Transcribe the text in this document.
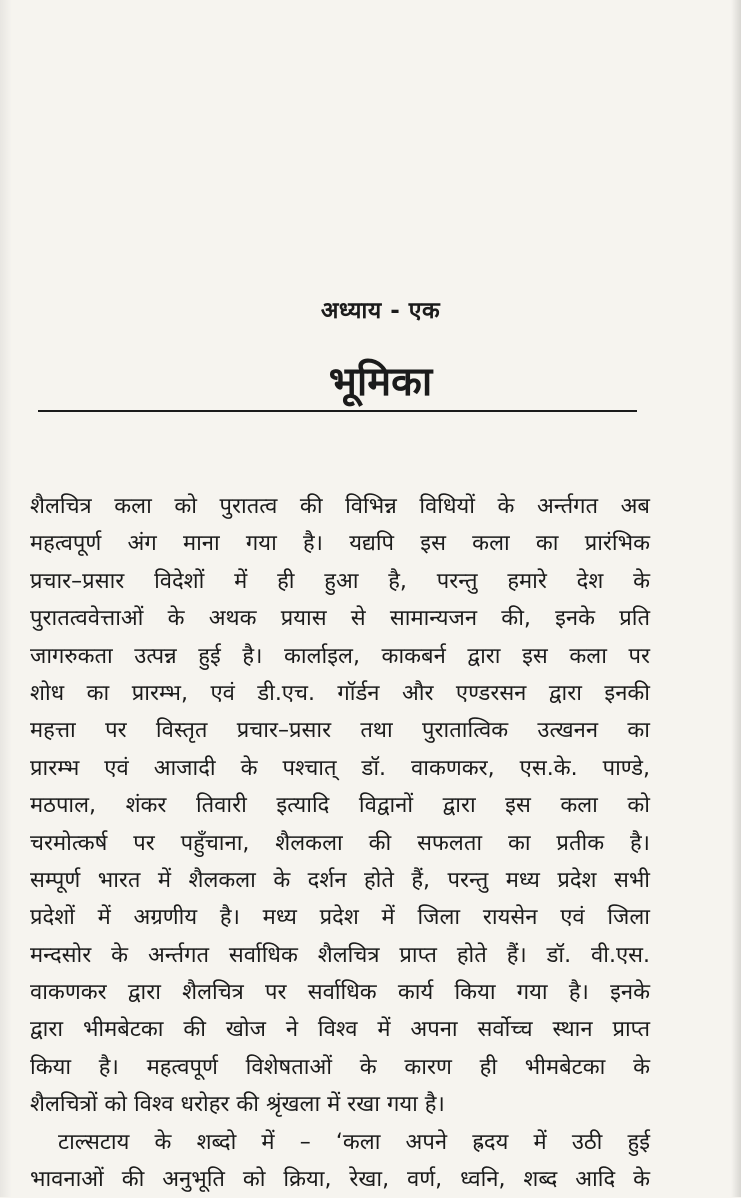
अध्याय - एक
भूमिका
शैलचित्र कला को पुरातत्व की विभिन्न विधियों के अर्न्तगत अब
महत्वपूर्ण अंग माना गया है। यद्यपि इस कला का प्रारंभिक
प्रचार–प्रसार विदेशों में ही हुआ है, परन्तु हमारे देश के
पुरातत्ववेत्ताओं के अथक प्रयास से सामान्यजन की, इनके प्रति
जागरुकता उत्पन्न हुई है। कार्लाइल, काकबर्न द्वारा इस कला पर
शोध का प्रारम्भ, एवं डी.एच. गॉर्डन और एण्डरसन द्वारा इनकी
महत्ता पर विस्तृत प्रचार–प्रसार तथा पुरातात्विक उत्खनन का
प्रारम्भ एवं आजादी के पश्चात् डॉ. वाकणकर, एस.के. पाण्डे,
मठपाल, शंकर तिवारी इत्यादि विद्वानों द्वारा इस कला को
चरमोत्कर्ष पर पहुँचाना, शैलकला की सफलता का प्रतीक है।
सम्पूर्ण भारत में शैलकला के दर्शन होते हैं, परन्तु मध्य प्रदेश सभी
प्रदेशों में अग्रणीय है। मध्य प्रदेश में जिला रायसेन एवं जिला
मन्दसोर के अर्न्तगत सर्वाधिक शैलचित्र प्राप्त होते हैं। डॉ. वी.एस.
वाकणकर द्वारा शैलचित्र पर सर्वाधिक कार्य किया गया है। इनके
द्वारा भीमबेटका की खोज ने विश्व में अपना सर्वोच्च स्थान प्राप्त
किया है। महत्वपूर्ण विशेषताओं के कारण ही भीमबेटका के
शैलचित्रों को विश्व धरोहर की श्रृंखला में रखा गया है।
टाल्सटाय के शब्दो में – ‘कला अपने ह्रदय में उठी हुई
भावनाओं की अनुभूति को क्रिया, रेखा, वर्ण, ध्वनि, शब्द आदि के
